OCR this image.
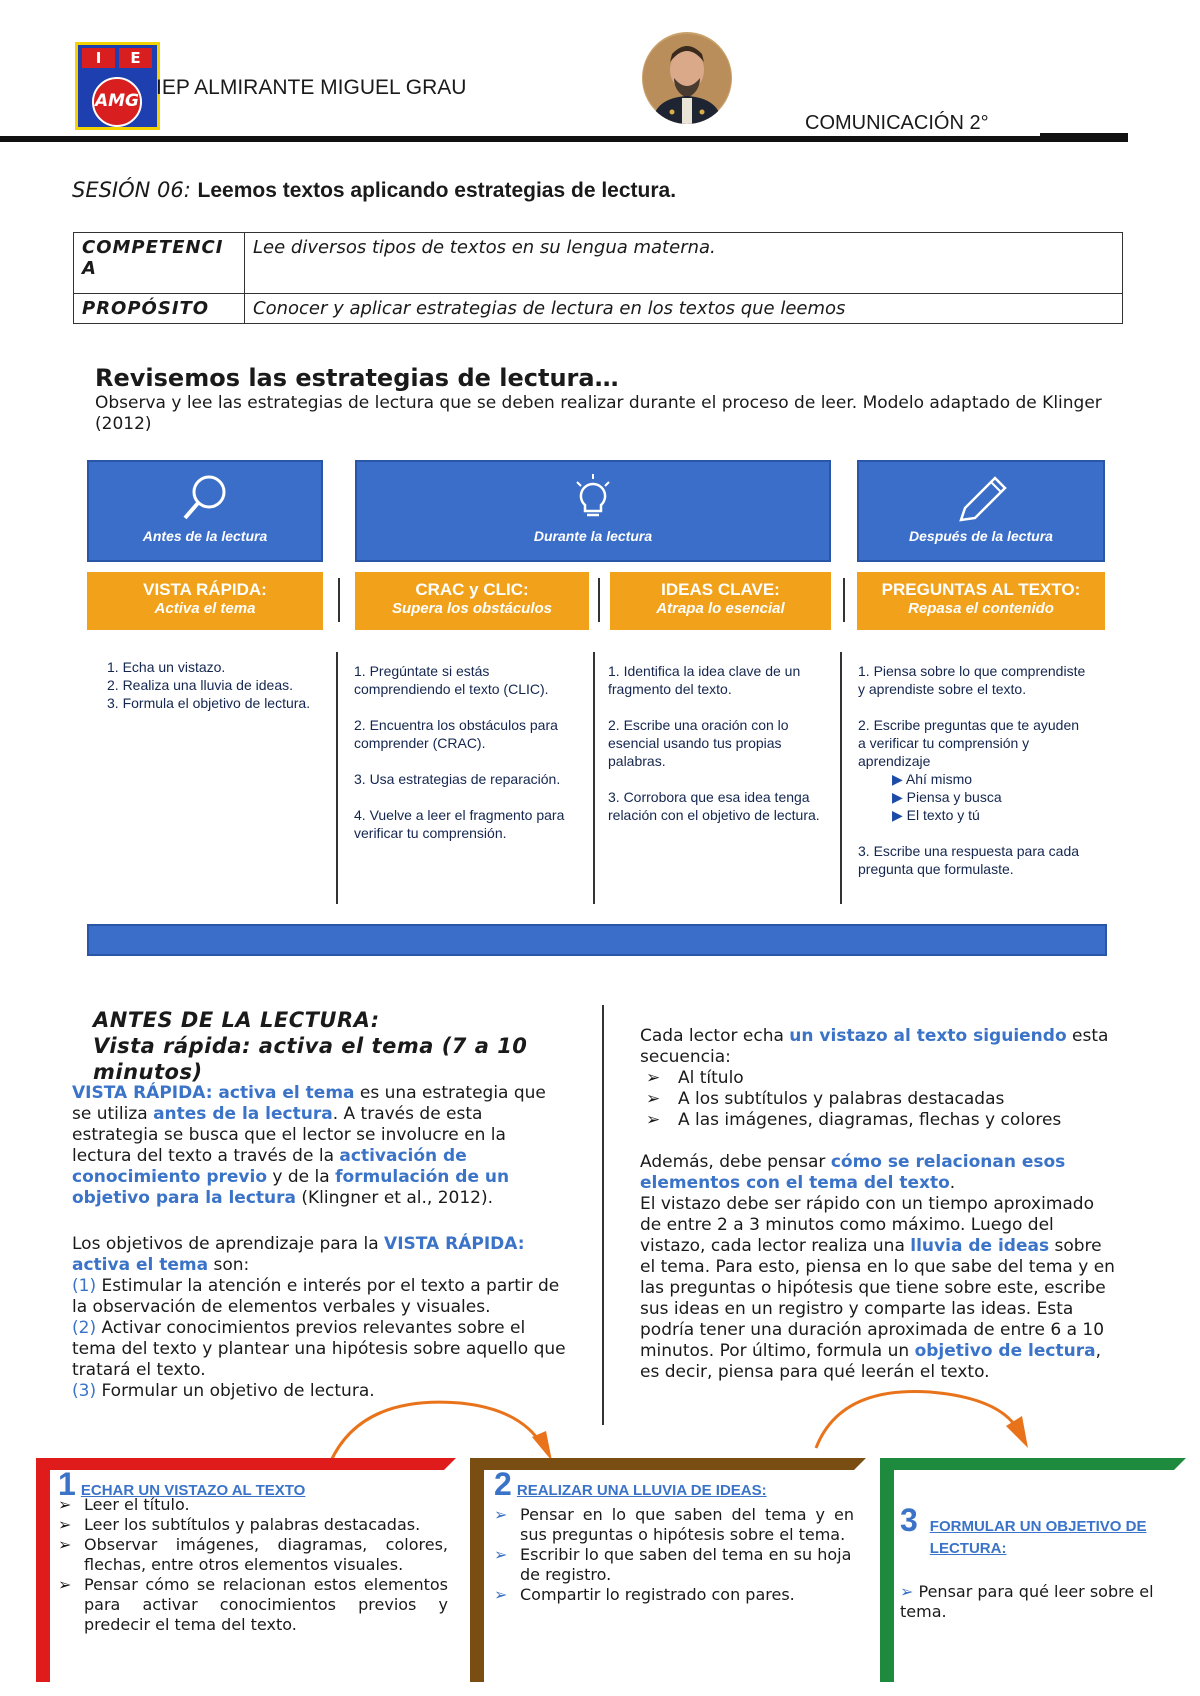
I	E
AMG
IEP ALMIRANTE MIGUEL GRAU
COMUNICACIÓN 2°
SESIÓN 06: Leemos textos aplicando estrategias de lectura.
COMPETENCIA	Lee diversos tipos de textos en su lengua materna.
PROPÓSITO	Conocer y aplicar estrategias de lectura en los textos que leemos
Revisemos las estrategias de lectura…
Observa y lee las estrategias de lectura que se deben realizar durante el proceso de leer. Modelo adaptado de Klinger (2012)
Antes de la lectura	Durante la lectura	Después de la lectura
VISTA RÁPIDA:
Activa el tema
CRAC y CLIC:
Supera los obstáculos
IDEAS CLAVE:
Atrapa lo esencial
PREGUNTAS AL TEXTO:
Repasa el contenido
1. Echa un vistazo.
2. Realiza una lluvia de ideas.
3. Formula el objetivo de lectura.

1. Pregúntate si estás comprendiendo el texto (CLIC).

2. Encuentra los obstáculos para comprender (CRAC).

3. Usa estrategias de reparación.

4. Vuelve a leer el fragmento para verificar tu comprensión.

1. Identifica la idea clave de un fragmento del texto.

2. Escribe una oración con lo esencial usando tus propias palabras.

3. Corrobora que esa idea tenga relación con el objetivo de lectura.

1. Piensa sobre lo que comprendiste y aprendiste sobre el texto.

2. Escribe preguntas que te ayuden a verificar tu comprensión y aprendizaje
▶ Ahí mismo
▶ Piensa y busca
▶ El texto y tú
3. Escribe una respuesta para cada pregunta que formulaste.
ANTES DE LA LECTURA:
Vista rápida: activa el tema (7 a 10 minutos)
VISTA RÁPIDA: activa el tema es una estrategia que se utiliza antes de la lectura. A través de esta estrategia se busca que el lector se involucre en la lectura del texto a través de la activación de conocimiento previo y de la formulación de un objetivo para la lectura (Klingner et al., 2012).
Los objetivos de aprendizaje para la VISTA RÁPIDA: activa el tema son:
(1) Estimular la atención e interés por el texto a partir de la observación de elementos verbales y visuales.
(2) Activar conocimientos previos relevantes sobre el tema del texto y plantear una hipótesis sobre aquello que tratará el texto.
(3) Formular un objetivo de lectura.
Cada lector echa un vistazo al texto siguiendo esta secuencia:
➢ Al título
➢ A los subtítulos y palabras destacadas
➢ A las imágenes, diagramas, flechas y colores
Además, debe pensar cómo se relacionan esos elementos con el tema del texto.
El vistazo debe ser rápido con un tiempo aproximado de entre 2 a 3 minutos como máximo. Luego del vistazo, cada lector realiza una lluvia de ideas sobre el tema. Para esto, piensa en lo que sabe del tema y en las preguntas o hipótesis que tiene sobre este, escribe sus ideas en un registro y comparte las ideas. Esta podría tener una duración aproximada de entre 6 a 10 minutos. Por último, formula un objetivo de lectura, es decir, piensa para qué leerán el texto.
1 ECHAR UN VISTAZO AL TEXTO
➢ Leer el título.
➢ Leer los subtítulos y palabras destacadas.
➢ Observar imágenes, diagramas, colores, flechas, entre otros elementos visuales.
➢ Pensar cómo se relacionan estos elementos para activar conocimientos previos y predecir el tema del texto.
2 REALIZAR UNA LLUVIA DE IDEAS:
➢ Pensar en lo que saben del tema y en sus preguntas o hipótesis sobre el tema.
➢ Escribir lo que saben del tema en su hoja de registro.
➢ Compartir lo registrado con pares.
3 FORMULAR UN OBJETIVO DE LECTURA:
➢ Pensar para qué leer sobre el tema.
